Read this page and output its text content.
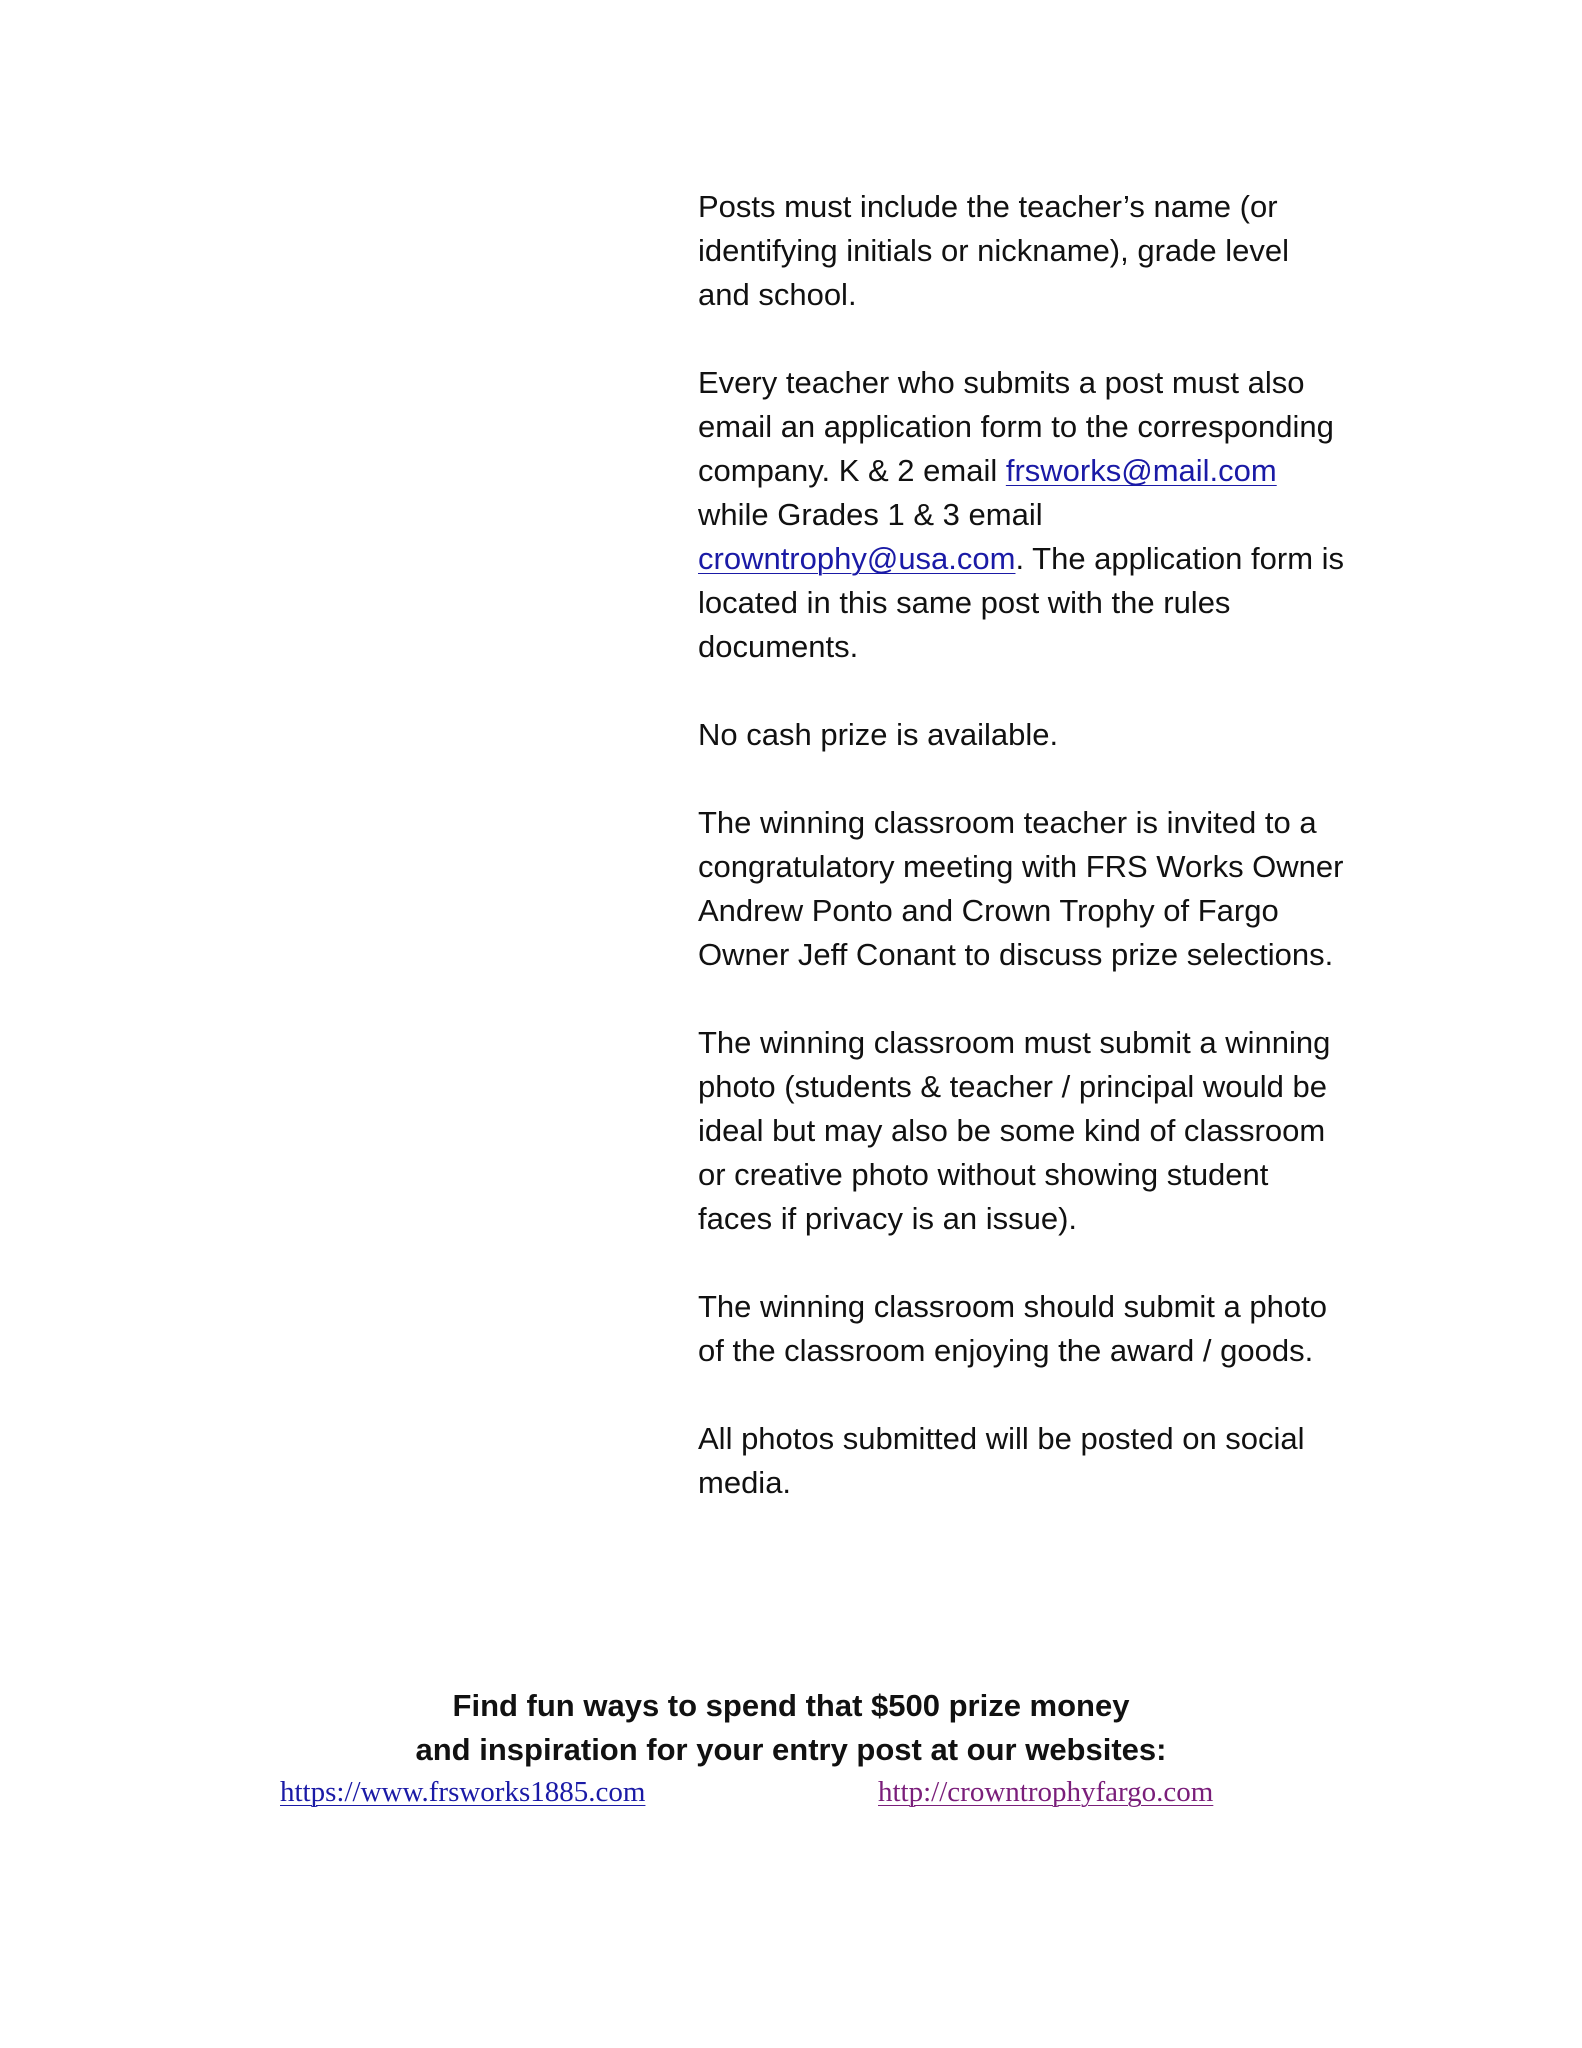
Posts must include the teacher’s name (or identifying initials or nickname), grade level and school.

Every teacher who submits a post must also email an application form to the corresponding company. K & 2 email frsworks@mail.com while Grades 1 & 3 email crowntrophy@usa.com. The application form is located in this same post with the rules documents.

No cash prize is available.

The winning classroom teacher is invited to a congratulatory meeting with FRS Works Owner Andrew Ponto and Crown Trophy of Fargo Owner Jeff Conant to discuss prize selections.

The winning classroom must submit a winning photo (students & teacher / principal would be ideal but may also be some kind of classroom or creative photo without showing student faces if privacy is an issue).

The winning classroom should submit a photo of the classroom enjoying the award / goods.

All photos submitted will be posted on social media.

Find fun ways to spend that $500 prize money
and inspiration for your entry post at our websites:
https://www.frsworks1885.com	http://crowntrophyfargo.com
